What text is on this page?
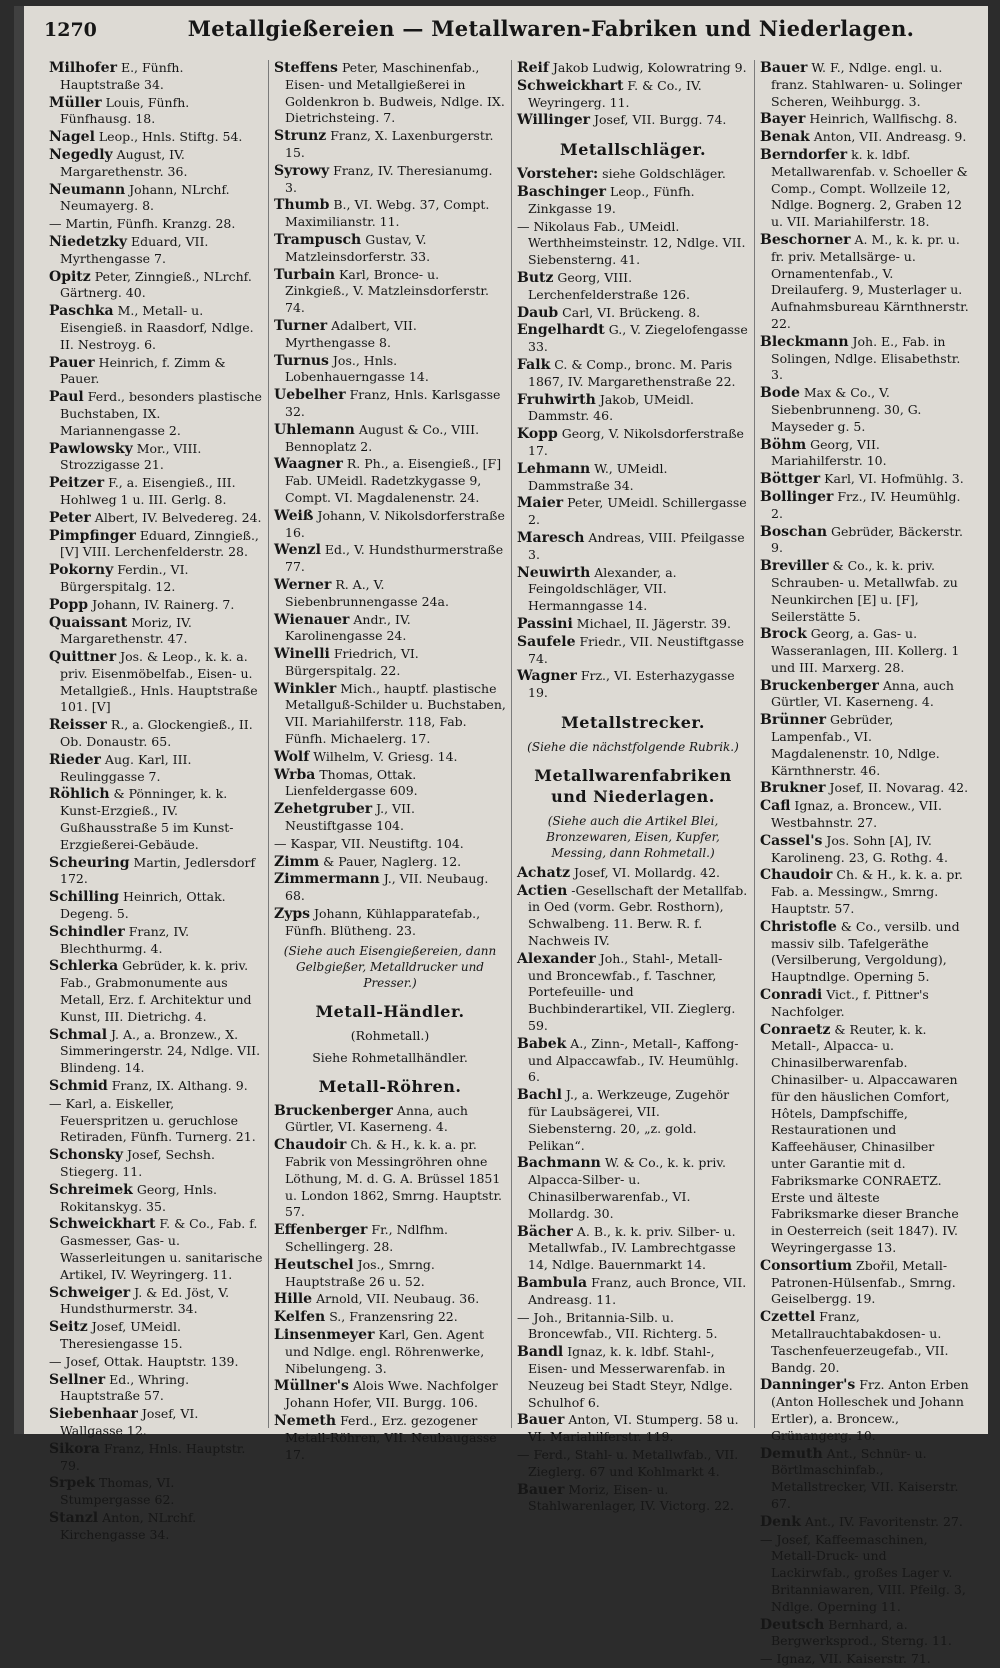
1270	Metallgießereien — Metallwaren-Fabriken und Niederlagen.
Milhofer E., Fünfh. Hauptstraße 34.
Müller Louis, Fünfh. Fünfhausg. 18.
Nagel Leop., Hnls. Stiftg. 54.
Negedly August, IV. Margarethenstr. 36.
Neumann Johann, NLrchf. Neumayerg. 8.
— Martin, Fünfh. Kranzg. 28.
Niedetzky Eduard, VII. Myrthengasse 7.
Opitz Peter, Zinngieß., NLrchf. Gärtnerg. 40.
Paschka M., Metall- u. Eisengieß. in Raasdorf, Ndlge. II. Nestroyg. 6.
Pauer Heinrich, f. Zimm & Pauer.
Paul Ferd., besonders plastische Buchstaben, IX. Mariannengasse 2.
Pawlowsky Mor., VIII. Strozzigasse 21.
Peitzer F., a. Eisengieß., III. Hohlweg 1 u. III. Gerlg. 8.
Peter Albert, IV. Belvedereg. 24.
Pimpfinger Eduard, Zinngieß., [V] VIII. Lerchenfelderstr. 28.
Pokorny Ferdin., VI. Bürgerspitalg. 12.
Popp Johann, IV. Rainerg. 7.
Quaissant Moriz, IV. Margarethenstr. 47.
Quittner Jos. & Leop., k. k. a. priv. Eisenmöbelfab., Eisen- u. Metallgieß., Hnls. Hauptstraße 101. [V]
Reisser R., a. Glockengieß., II. Ob. Donaustr. 65.
Rieder Aug. Karl, III. Reulinggasse 7.
Röhlich & Pönninger, k. k. Kunst-Erzgieß., IV. Gußhausstraße 5 im Kunst-Erzgießerei-Gebäude.
Scheuring Martin, Jedlersdorf 172.
Schilling Heinrich, Ottak. Degeng. 5.
Schindler Franz, IV. Blechthurmg. 4.
Schlerka Gebrüder, k. k. priv. Fab., Grabmonumente aus Metall, Erz. f. Architektur und Kunst, III. Dietrichg. 4.
Schmal J. A., a. Bronzew., X. Simmeringerstr. 24, Ndlge. VII. Blindeng. 14.
Schmid Franz, IX. Althang. 9.
— Karl, a. Eiskeller, Feuerspritzen u. geruchlose Retiraden, Fünfh. Turnerg. 21.
Schonsky Josef, Sechsh. Stiegerg. 11.
Schreimek Georg, Hnls. Rokitanskyg. 35.
Schweickhart F. & Co., Fab. f. Gasmesser, Gas- u. Wasserleitungen u. sanitarische Artikel, IV. Weyringerg. 11.
Schweiger J. & Ed. Jöst, V. Hundsthurmerstr. 34.
Seitz Josef, UMeidl. Theresiengasse 15.
— Josef, Ottak. Hauptstr. 139.
Sellner Ed., Whring. Hauptstraße 57.
Siebenhaar Josef, VI. Wallgasse 12.
Sikora Franz, Hnls. Hauptstr. 79.
Srpek Thomas, VI. Stumpergasse 62.
Stanzl Anton, NLrchf. Kirchengasse 34.
Steffens Peter, Maschinenfab., Eisen- und Metallgießerei in Goldenkron b. Budweis, Ndlge. IX. Dietrichsteing. 7.
Strunz Franz, X. Laxenburgerstr. 15.
Syrowy Franz, IV. Theresianumg. 3.
Thumb B., VI. Webg. 37, Compt. Maximilianstr. 11.
Trampusch Gustav, V. Matzleinsdorferstr. 33.
Turbain Karl, Bronce- u. Zinkgieß., V. Matzleinsdorferstr. 74.
Turner Adalbert, VII. Myrthengasse 8.
Turnus Jos., Hnls. Lobenhauerngasse 14.
Uebelher Franz, Hnls. Karlsgasse 32.
Uhlemann August & Co., VIII. Bennoplatz 2.
Waagner R. Ph., a. Eisengieß., [F] Fab. UMeidl. Radetzkygasse 9, Compt. VI. Magdalenenstr. 24.
Weiß Johann, V. Nikolsdorferstraße 16.
Wenzl Ed., V. Hundsthurmerstraße 77.
Werner R. A., V. Siebenbrunnengasse 24a.
Wienauer Andr., IV. Karolinengasse 24.
Winelli Friedrich, VI. Bürgerspitalg. 22.
Winkler Mich., hauptf. plastische Metallguß-Schilder u. Buchstaben, VII. Mariahilferstr. 118, Fab. Fünfh. Michaelerg. 17.
Wolf Wilhelm, V. Griesg. 14.
Wrba Thomas, Ottak. Lienfeldergasse 609.
Zehetgruber J., VII. Neustiftgasse 104.
— Kaspar, VII. Neustiftg. 104.
Zimm & Pauer, Naglerg. 12.
Zimmermann J., VII. Neubaug. 68.
Zyps Johann, Kühlapparatefab., Fünfh. Blütheng. 23.
(Siehe auch Eisengießereien, dann Gelbgießer, Metalldrucker und Presser.)
Metall-Händler.
(Rohmetall.)
Siehe Rohmetallhändler.
Metall-Röhren.
Bruckenberger Anna, auch Gürtler, VI. Kaserneng. 4.
Chaudoir Ch. & H., k. k. a. pr. Fabrik von Messingröhren ohne Löthung, M. d. G. A. Brüssel 1851 u. London 1862, Smrng. Hauptstr. 57.
Effenberger Fr., Ndlfhm. Schellingerg. 28.
Heutschel Jos., Smrng. Hauptstraße 26 u. 52.
Hille Arnold, VII. Neubaug. 36.
Kelfen S., Franzensring 22.
Linsenmeyer Karl, Gen. Agent und Ndlge. engl. Röhrenwerke, Nibelungeng. 3.
Müllner's Alois Wwe. Nachfolger Johann Hofer, VII. Burgg. 106.
Nemeth Ferd., Erz. gezogener Metall-Röhren, VII. Neubaugasse 17.
Reif Jakob Ludwig, Kolowratring 9.
Schweickhart F. & Co., IV. Weyringerg. 11.
Willinger Josef, VII. Burgg. 74.
Metallschläger.
Vorsteher: siehe Goldschläger.
Baschinger Leop., Fünfh. Zinkgasse 19.
— Nikolaus Fab., UMeidl. Werthheimsteinstr. 12, Ndlge. VII. Siebensterng. 41.
Butz Georg, VIII. Lerchenfelderstraße 126.
Daub Carl, VI. Brückeng. 8.
Engelhardt G., V. Ziegelofengasse 33.
Falk C. & Comp., bronc. M. Paris 1867, IV. Margarethenstraße 22.
Fruhwirth Jakob, UMeidl. Dammstr. 46.
Kopp Georg, V. Nikolsdorferstraße 17.
Lehmann W., UMeidl. Dammstraße 34.
Maier Peter, UMeidl. Schillergasse 2.
Maresch Andreas, VIII. Pfeilgasse 3.
Neuwirth Alexander, a. Feingoldschläger, VII. Hermanngasse 14.
Passini Michael, II. Jägerstr. 39.
Saufele Friedr., VII. Neustiftgasse 74.
Wagner Frz., VI. Esterhazygasse 19.
Metallstrecker.
(Siehe die nächstfolgende Rubrik.)
Metallwarenfabriken und Niederlagen.
(Siehe auch die Artikel Blei, Bronzewaren, Eisen, Kupfer, Messing, dann Rohmetall.)
Achatz Josef, VI. Mollardg. 42.
Actien -Gesellschaft der Metallfab. in Oed (vorm. Gebr. Rosthorn), Schwalbeng. 11. Berw. R. f. Nachweis IV.
Alexander Joh., Stahl-, Metall- und Broncewfab., f. Taschner, Portefeuille- und Buchbinderartikel, VII. Zieglerg. 59.
Babek A., Zinn-, Metall-, Kaffong- und Alpaccawfab., IV. Heumühlg. 6.
Bachl J., a. Werkzeuge, Zugehör für Laubsägerei, VII. Siebensterng. 20, „z. gold. Pelikan“.
Bachmann W. & Co., k. k. priv. Alpacca-Silber- u. Chinasilberwarenfab., VI. Mollardg. 30.
Bächer A. B., k. k. priv. Silber- u. Metallwfab., IV. Lambrechtgasse 14, Ndlge. Bauernmarkt 14.
Bambula Franz, auch Bronce, VII. Andreasg. 11.
— Joh., Britannia-Silb. u. Broncewfab., VII. Richterg. 5.
Bandl Ignaz, k. k. ldbf. Stahl-, Eisen- und Messerwarenfab. in Neuzeug bei Stadt Steyr, Ndlge. Schulhof 6.
Bauer Anton, VI. Stumperg. 58 u. VI. Mariahilferstr. 119.
— Ferd., Stahl- u. Metallwfab., VII. Zieglerg. 67 und Kohlmarkt 4.
Bauer Moriz, Eisen- u. Stahlwarenlager, IV. Victorg. 22.
Bauer W. F., Ndlge. engl. u. franz. Stahlwaren- u. Solinger Scheren, Weihburgg. 3.
Bayer Heinrich, Wallfischg. 8.
Benak Anton, VII. Andreasg. 9.
Berndorfer k. k. ldbf. Metallwarenfab. v. Schoeller & Comp., Compt. Wollzeile 12, Ndlge. Bognerg. 2, Graben 12 u. VII. Mariahilferstr. 18.
Beschorner A. M., k. k. pr. u. fr. priv. Metallsärge- u. Ornamentenfab., V. Dreilauferg. 9, Musterlager u. Aufnahmsbureau Kärnthnerstr. 22.
Bleckmann Joh. E., Fab. in Solingen, Ndlge. Elisabethstr. 3.
Bode Max & Co., V. Siebenbrunneng. 30, G. Mayseder g. 5.
Böhm Georg, VII. Mariahilferstr. 10.
Böttger Karl, VI. Hofmühlg. 3.
Bollinger Frz., IV. Heumühlg. 2.
Boschan Gebrüder, Bäckerstr. 9.
Breviller & Co., k. k. priv. Schrauben- u. Metallwfab. zu Neunkirchen [E] u. [F], Seilerstätte 5.
Brock Georg, a. Gas- u. Wasseranlagen, III. Kollerg. 1 und III. Marxerg. 28.
Bruckenberger Anna, auch Gürtler, VI. Kaserneng. 4.
Brünner Gebrüder, Lampenfab., VI. Magdalenenstr. 10, Ndlge. Kärnthnerstr. 46.
Brukner Josef, II. Novarag. 42.
Cafl Ignaz, a. Broncew., VII. Westbahnstr. 27.
Cassel's Jos. Sohn [A], IV. Karolineng. 23, G. Rothg. 4.
Chaudoir Ch. & H., k. k. a. pr. Fab. a. Messingw., Smrng. Hauptstr. 57.
Christofle & Co., versilb. und massiv silb. Tafelgeräthe (Versilberung, Vergoldung), Hauptndlge. Operning 5.
Conradi Vict., f. Pittner's Nachfolger.
Conraetz & Reuter, k. k. Metall-, Alpacca- u. Chinasilberwarenfab. Chinasilber- u. Alpaccawaren für den häuslichen Comfort, Hôtels, Dampfschiffe, Restaurationen und Kaffeehäuser, Chinasilber unter Garantie mit d. Fabriksmarke CONRAETZ. Erste und älteste Fabriksmarke dieser Branche in Oesterreich (seit 1847). IV. Weyringergasse 13.
Consortium Zbořil, Metall-Patronen-Hülsenfab., Smrng. Geiselbergg. 19.
Czettel Franz, Metallrauchtabakdosen- u. Taschenfeuerzeugefab., VII. Bandg. 20.
Danninger's Frz. Anton Erben (Anton Holleschek und Johann Ertler), a. Broncew., Grünangerg. 10.
Demuth Ant., Schnür- u. Börtlmaschinfab., Metallstrecker, VII. Kaiserstr. 67.
Denk Ant., IV. Favoritenstr. 27.
— Josef, Kaffeemaschinen, Metall-Druck- und Lackirwfab., großes Lager v. Britanniawaren, VIII. Pfeilg. 3, Ndlge. Operning 11.
Deutsch Bernhard, a. Bergwerksprod., Sterng. 11.
— Ignaz, VII. Kaiserstr. 71.
